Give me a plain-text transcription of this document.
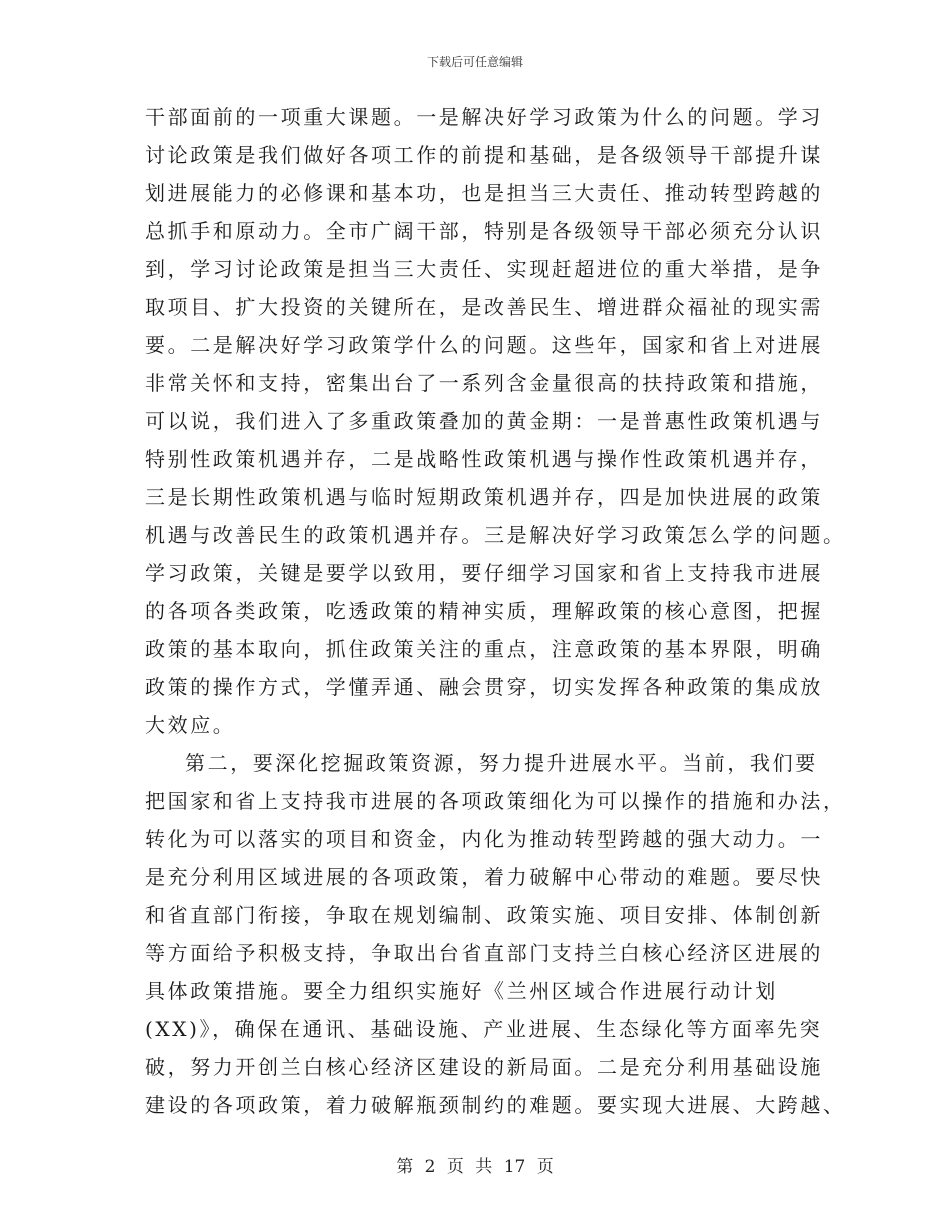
下载后可任意编辑
干部面前的一项重大课题。一是解决好学习政策为什么的问题。学习
讨论政策是我们做好各项工作的前提和基础，是各级领导干部提升谋
划进展能力的必修课和基本功，也是担当三大责任、推动转型跨越的
总抓手和原动力。全市广阔干部，特别是各级领导干部必须充分认识
到，学习讨论政策是担当三大责任、实现赶超进位的重大举措，是争
取项目、扩大投资的关键所在，是改善民生、增进群众福祉的现实需
要。二是解决好学习政策学什么的问题。这些年，国家和省上对进展
非常关怀和支持，密集出台了一系列含金量很高的扶持政策和措施，
可以说，我们进入了多重政策叠加的黄金期：一是普惠性政策机遇与
特别性政策机遇并存，二是战略性政策机遇与操作性政策机遇并存，
三是长期性政策机遇与临时短期政策机遇并存，四是加快进展的政策
机遇与改善民生的政策机遇并存。三是解决好学习政策怎么学的问题。
学习政策，关键是要学以致用，要仔细学习国家和省上支持我市进展
的各项各类政策，吃透政策的精神实质，理解政策的核心意图，把握
政策的基本取向，抓住政策关注的重点，注意政策的基本界限，明确
政策的操作方式，学懂弄通、融会贯穿，切实发挥各种政策的集成放
大效应。
第二，要深化挖掘政策资源，努力提升进展水平。当前，我们要
把国家和省上支持我市进展的各项政策细化为可以操作的措施和办法，
转化为可以落实的项目和资金，内化为推动转型跨越的强大动力。一
是充分利用区域进展的各项政策，着力破解中心带动的难题。要尽快
和省直部门衔接，争取在规划编制、政策实施、项目安排、体制创新
等方面给予积极支持，争取出台省直部门支持兰白核心经济区进展的
具体政策措施。要全力组织实施好《兰州区域合作进展行动计划
(XX)》，确保在通讯、基础设施、产业进展、生态绿化等方面率先突
破，努力开创兰白核心经济区建设的新局面。二是充分利用基础设施
建设的各项政策，着力破解瓶颈制约的难题。要实现大进展、大跨越、
第 2 页 共 17 页
